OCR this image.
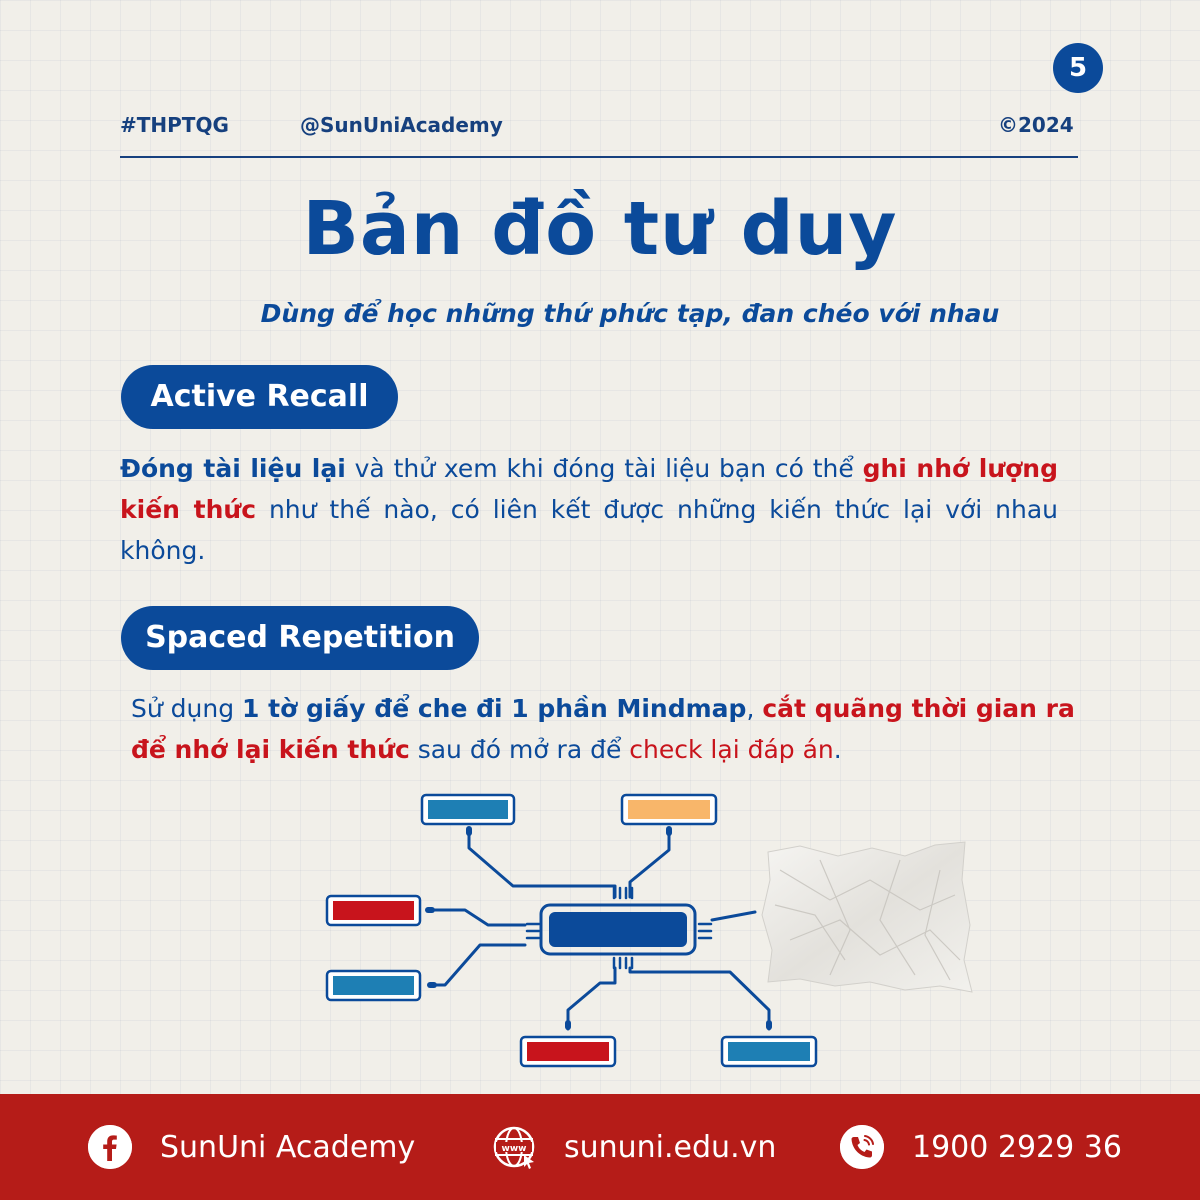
5
#THPTQG	@SunUniAcademy	©2024
Bản đồ tư duy
Dùng để học những thứ phức tạp, đan chéo với nhau
Active Recall

Đóng tài liệu lại và thử xem khi đóng tài liệu bạn có thể ghi nhớ lượng kiến thức như thế nào, có liên kết được những kiến thức lại với nhau không.

Spaced Repetition

Sử dụng 1 tờ giấy để che đi 1 phần Mindmap, cắt quãng thời gian ra để nhớ lại kiến thức sau đó mở ra để check lại đáp án.

SunUni Academy	www sununi.edu.vn	1900 2929 36
